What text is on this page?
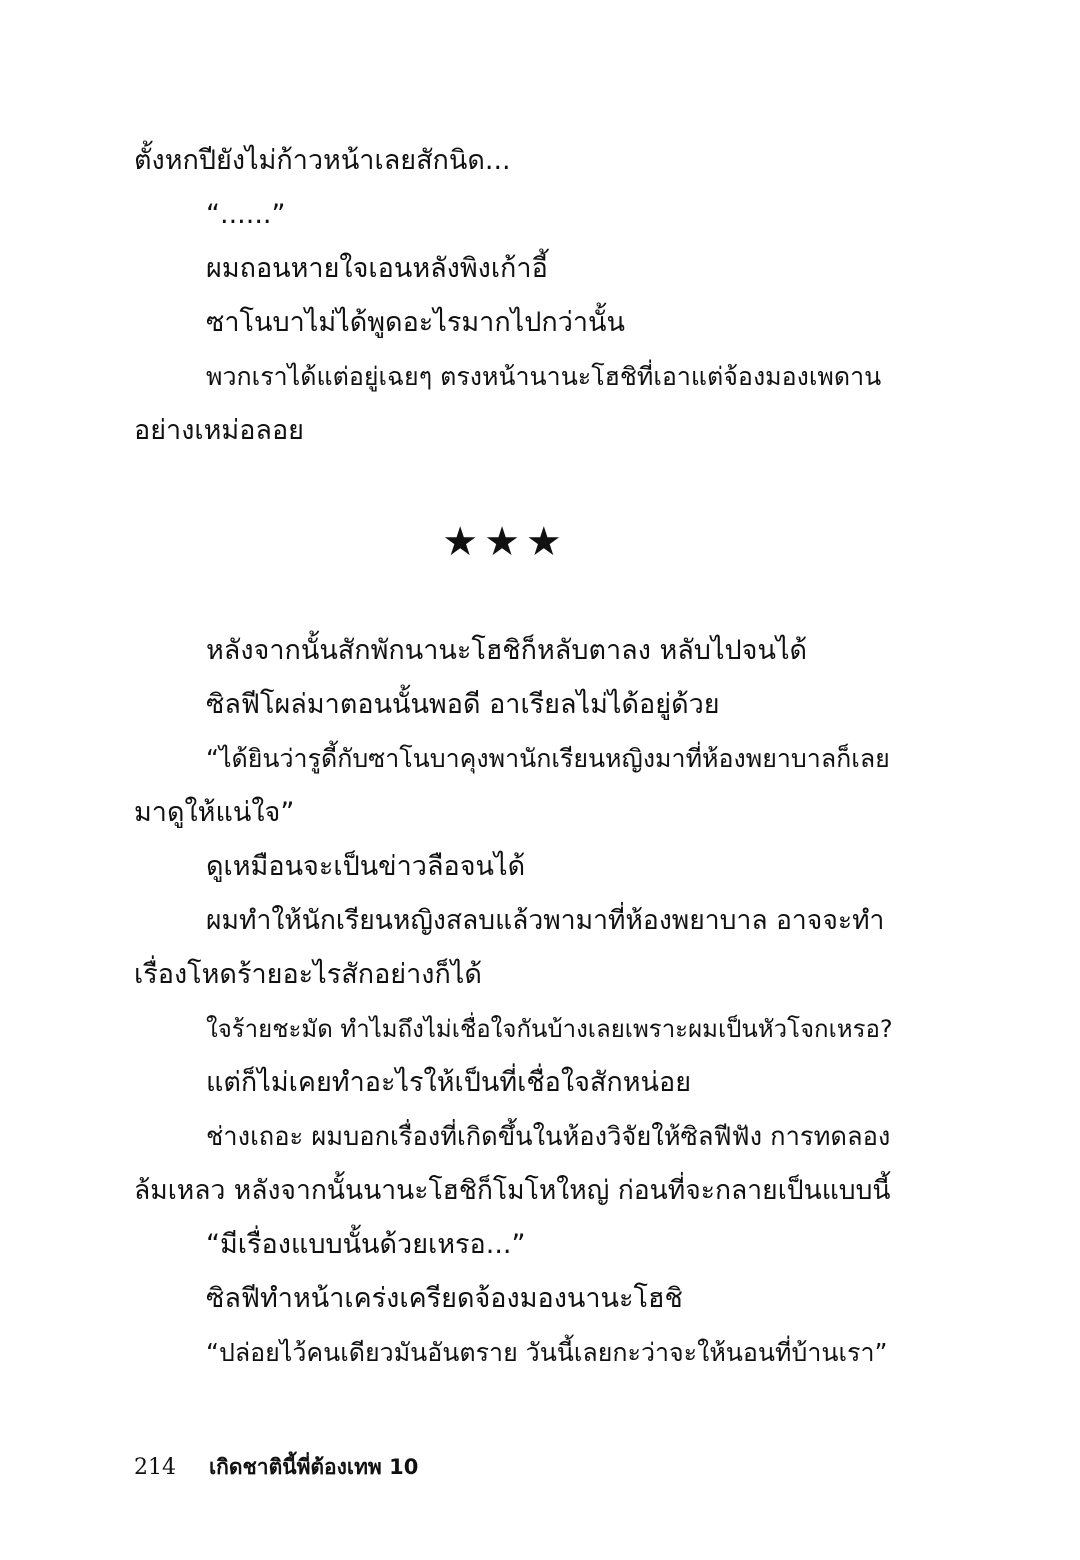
ตั้งหกปียังไม่ก้าวหน้าเลยสักนิด...

“......”

ผมถอนหายใจเอนหลังพิงเก้าอี้

ซาโนบาไม่ได้พูดอะไรมากไปกว่านั้น

พวกเราได้แต่อยู่เฉยๆ ตรงหน้านานะโฮชิที่เอาแต่จ้องมองเพดาน

อย่างเหม่อลอย

★★★

หลังจากนั้นสักพักนานะโฮชิก็หลับตาลง หลับไปจนได้

ซิลฟีโผล่มาตอนนั้นพอดี อาเรียลไม่ได้อยู่ด้วย

“ได้ยินว่ารูดี้กับซาโนบาคุงพานักเรียนหญิงมาที่ห้องพยาบาลก็เลย

มาดูให้แน่ใจ”

ดูเหมือนจะเป็นข่าวลือจนได้

ผมทำให้นักเรียนหญิงสลบแล้วพามาที่ห้องพยาบาล อาจจะทำ

เรื่องโหดร้ายอะไรสักอย่างก็ได้

ใจร้ายชะมัด ทำไมถึงไม่เชื่อใจกันบ้างเลยเพราะผมเป็นหัวโจกเหรอ?

แต่ก็ไม่เคยทำอะไรให้เป็นที่เชื่อใจสักหน่อย

ช่างเถอะ ผมบอกเรื่องที่เกิดขึ้นในห้องวิจัยให้ซิลฟีฟัง การทดลอง

ล้มเหลว หลังจากนั้นนานะโฮชิก็โมโหใหญ่ ก่อนที่จะกลายเป็นแบบนี้

“มีเรื่องแบบนั้นด้วยเหรอ...”

ซิลฟีทำหน้าเคร่งเครียดจ้องมองนานะโฮชิ

“ปล่อยไว้คนเดียวมันอันตราย วันนี้เลยกะว่าจะให้นอนที่บ้านเรา”

214 เกิดชาตินี้พี่ต้องเทพ 10
